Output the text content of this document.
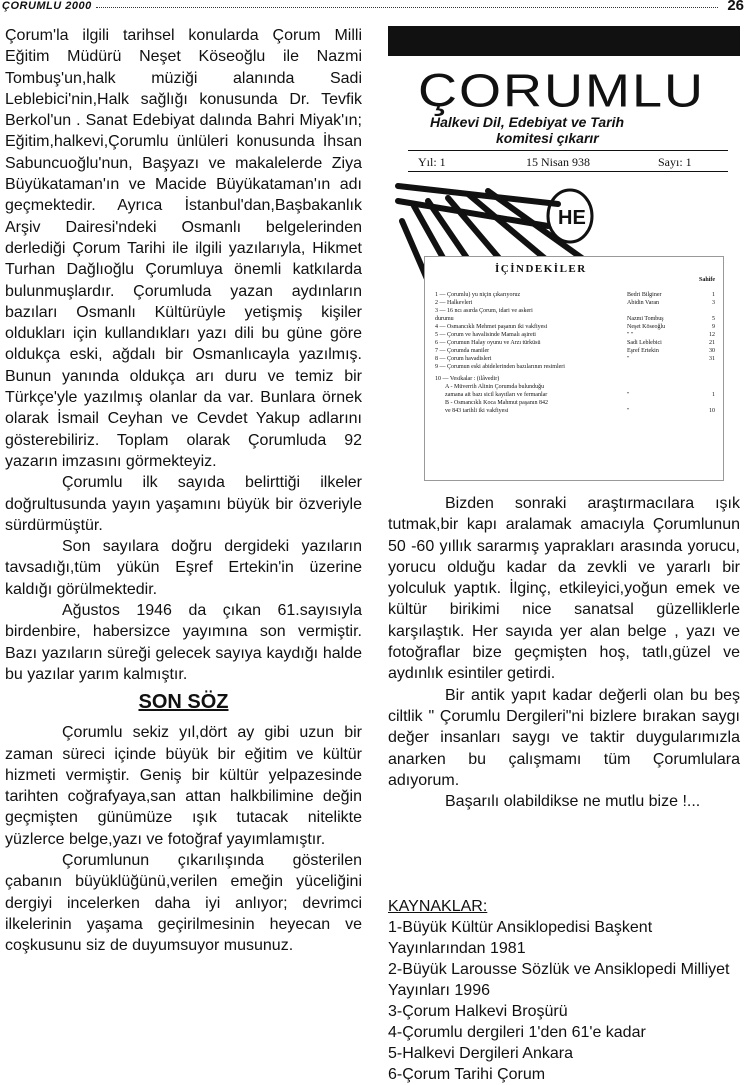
ÇORUMLU 2000	26

Çorum'la ilgili tarihsel konularda Çorum Milli Eğitim Müdürü Neşet Köseoğlu ile Nazmi Tombuş'un,halk müziği alanında Sadi Leblebici'nin,Halk sağlığı konusunda Dr. Tevfik Berkol'un . Sanat Edebiyat dalında Bahri Miyak'ın; Eğitim,halkevi,Çorumlu ünlüleri konusunda İhsan Sabuncuoğlu'nun, Başyazı ve makalelerde Ziya Büyükataman'ın ve Macide Büyükataman'ın adı geçmektedir. Ayrıca İstanbul'dan,Başbakanlık Arşiv Dairesi'ndeki Osmanlı belgelerinden derlediği Çorum Tarihi ile ilgili yazılarıyla, Hikmet Turhan Dağlıoğlu Çorumluya önemli katkılarda bulunmuşlardır. Çorumluda yazan aydınların bazıları Osmanlı Kültürüyle yetişmiş kişiler oldukları için kullandıkları yazı dili bu güne göre oldukça eski, ağdalı bir Osmanlıcayla yazılmış. Bunun yanında oldukça arı duru ve temiz bir Türkçe'yle yazılmış olanlar da var. Bunlara örnek olarak İsmail Ceyhan ve Cevdet Yakup adlarını gösterebiliriz. Toplam olarak Çorumluda 92 yazarın imzasını görmekteyiz.

Çorumlu ilk sayıda belirttiği ilkeler doğrultusunda yayın yaşamını büyük bir özveriyle sürdürmüştür.

Son sayılara doğru dergideki yazıların tavsadığı,tüm yükün Eşref Ertekin'in üzerine kaldığı görülmektedir.

Ağustos 1946 da çıkan 61.sayısıyla birdenbire, habersizce yayımına son vermiştir. Bazı yazıların süreği gelecek sayıya kaydığı halde bu yazılar yarım kalmıştır.

SON SÖZ

Çorumlu sekiz yıl,dört ay gibi uzun bir zaman süreci içinde büyük bir eğitim ve kültür hizmeti vermiştir. Geniş bir kültür yelpazesinde tarihten coğrafyaya,san attan halkbilimine değin geçmişten günümüze ışık tutacak nitelikte yüzlerce belge,yazı ve fotoğraf yayımlamıştır.

Çorumlunun çıkarılışında gösterilen çabanın büyüklüğünü,verilen emeğin yüceliğini dergiyi incelerken daha iyi anlıyor; devrimci ilkelerinin yaşama geçirilmesinin heyecan ve coşkusunu siz de duyumsuyor musunuz.

ÇORUMLU
Halkevi Dil, Edebiyat ve Tarih
komitesi çıkarır
Yıl: 1	15 Nisan 938	Sayı: 1
HE
İÇİNDEKİLER
Sahife
1 — Çorumlu) yu niçin çıkarıyoruz	Bedri Bilginer	1
2 — Halkevleri	Abidin Varan	3
3 — 16 ncı asırda Çorum, idari ve askeri
durumu	Nazmi Tombuş	5
4 — Osmancıklı Mehmet paşanın iki vakfiyesi	Neşet Köseoğlu	9
5 — Çorum ve havalisinde Mamalı aşireti	" "	12
6 — Çorumun Halay oyunu ve Arzı türküsü	Sadi Leblebici	21
7 — Çorumda maniler	Eşref Ertekin	30
8 — Çorum havadisleri	"	31
9 — Çorumun eski abidelerinden bazılarının resimleri
10 — Vesikalar : (ilâvedir)
A - Müverrih Alinin Çorumda bulunduğu
zamana ait bazı sicil kayıtları ve fermanlar	"	1
B - Osmancıklı Koca Mahmut paşanın 842
ve 843 tarihli iki vakfiyesi	"	10

Bizden sonraki araştırmacılara ışık tutmak,bir kapı aralamak amacıyla Çorumlunun 50 -60 yıllık sararmış yaprakları arasında yorucu, yorucu olduğu kadar da zevkli ve yararlı bir yolculuk yaptık. İlginç, etkileyici,yoğun emek ve kültür birikimi nice sanatsal güzelliklerle karşılaştık. Her sayıda yer alan belge , yazı ve fotoğraflar bize geçmişten hoş, tatlı,güzel ve aydınlık esintiler getirdi.

Bir antik yapıt kadar değerli olan bu beş ciltlik " Çorumlu Dergileri"ni bizlere bırakan saygı değer insanları saygı ve taktir duygularımızla anarken bu çalışmamı tüm Çorumlulara adıyorum.

Başarılı olabildikse ne mutlu bize !...

KAYNAKLAR:
1-Büyük Kültür Ansiklopedisi Başkent Yayınlarından 1981
2-Büyük Larousse Sözlük ve Ansiklopedi Milliyet Yayınları 1996
3-Çorum Halkevi Broşürü
4-Çorumlu dergileri 1'den 61'e kadar
5-Halkevi Dergileri Ankara
6-Çorum Tarihi Çorum
